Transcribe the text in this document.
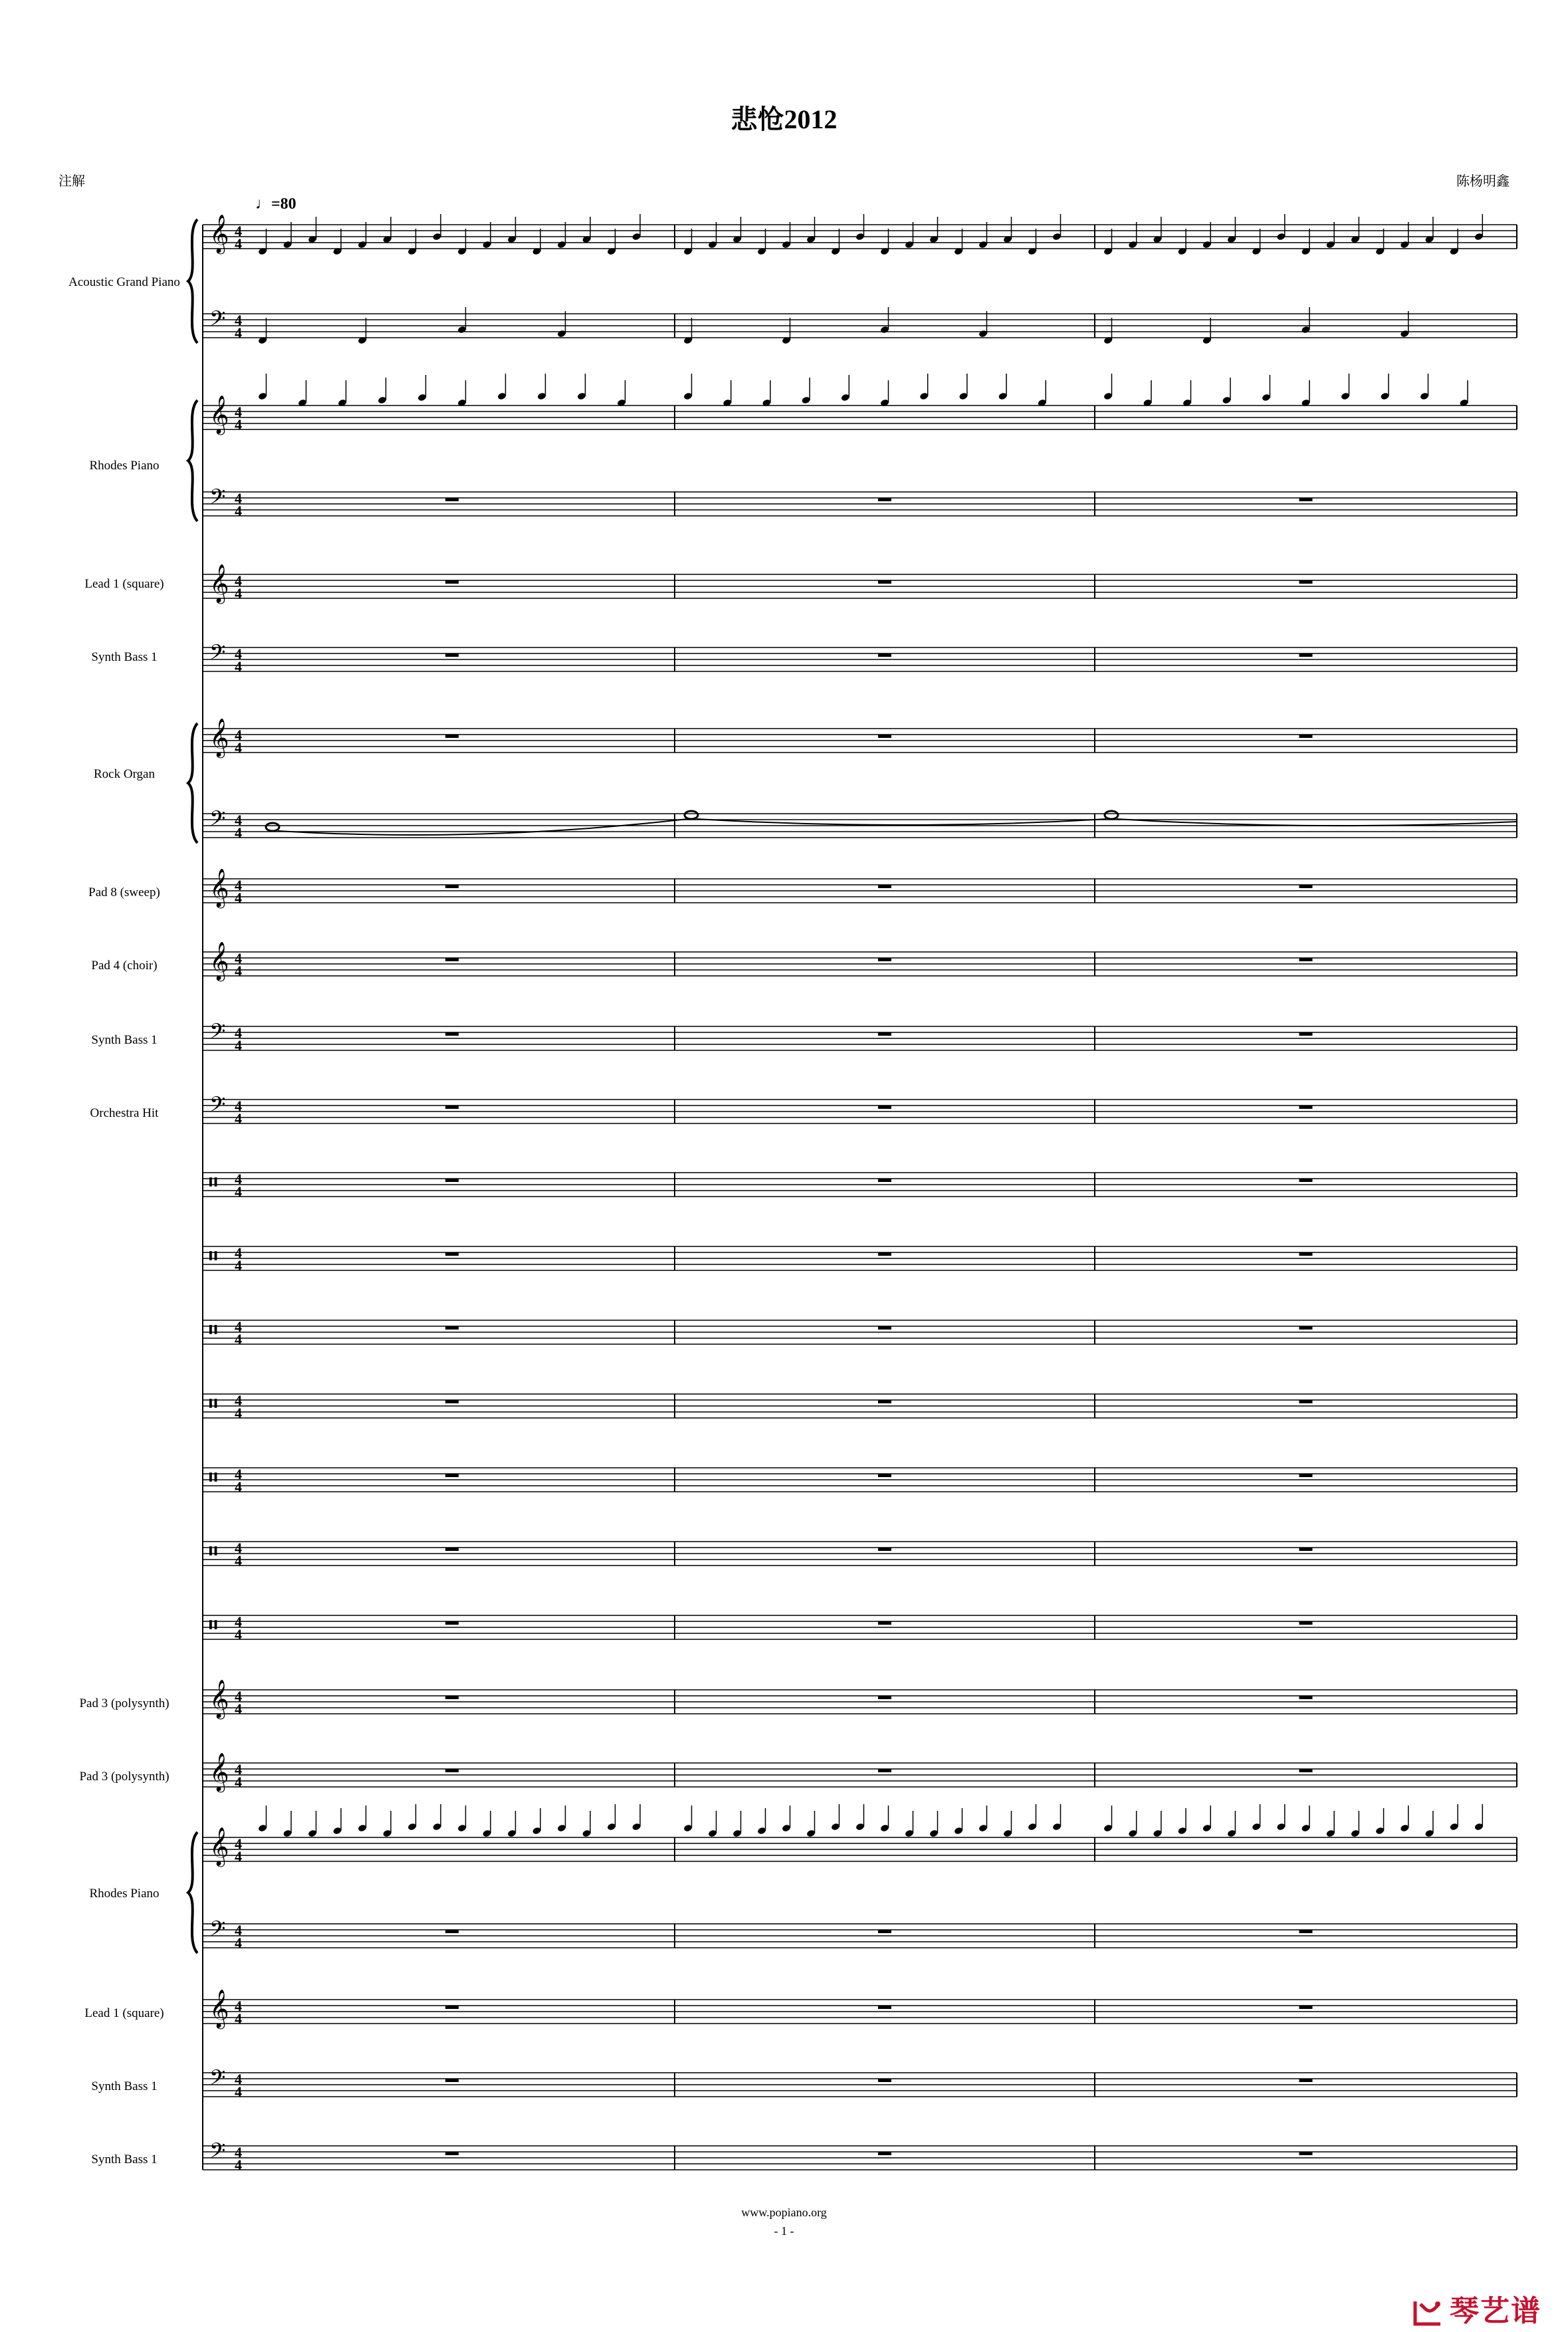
悲怆2012
注解	陈杨明鑫
♩=80
Acoustic Grand Piano
Rhodes Piano
Lead 1 (square)
Synth Bass 1
Rock Organ
Pad 8 (sweep)
Pad 4 (choir)
Synth Bass 1
Orchestra Hit
Pad 3 (polysynth)
Pad 3 (polysynth)
Rhodes Piano
Lead 1 (square)
Synth Bass 1
Synth Bass 1
𝄞 4
4
𝄢 4
4
𝄞 4
4
𝄢 4
4
𝄞 4
4
𝄢 4
4
𝄞 4
4
𝄢 4
4
𝄞 4
4
𝄞 4
4
𝄢 4
4
𝄢 4
4
𝄥 4
4
𝄥 4
4
𝄥 4
4
𝄥 4
4
𝄥 4
4
𝄥 4
4
𝄥 4
4
𝄞 4
4
𝄞 4
4
𝄞 4
4
𝄢 4
4
𝄞 4
4
𝄢 4
4
𝄢 4
4
www.popiano.org
- 1 -
琴艺谱
